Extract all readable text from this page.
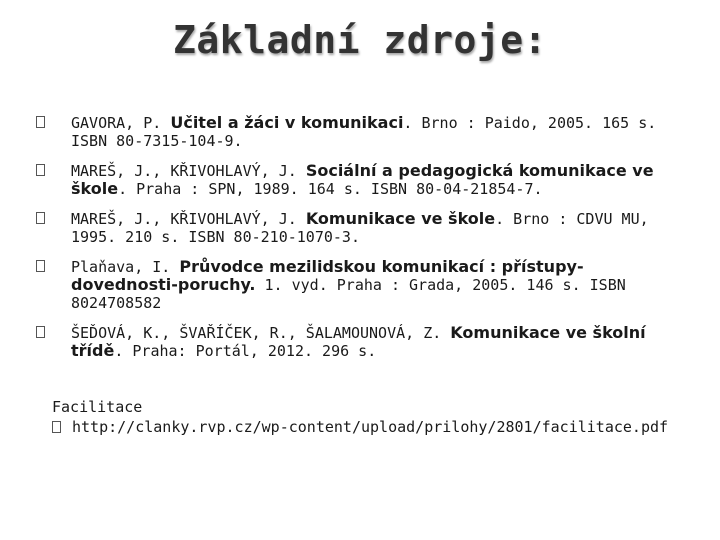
Základní zdroje:
GAVORA, P. Učitel a žáci v komunikaci. Brno : Paido, 2005. 165 s. ISBN 80-7315-104-9.
MAREŠ, J., KŘIVOHLAVÝ, J. Sociální a pedagogická komunikace ve škole. Praha : SPN, 1989. 164 s. ISBN 80-04-21854-7.
MAREŠ, J., KŘIVOHLAVÝ, J. Komunikace ve škole. Brno : CDVU MU, 1995. 210 s. ISBN 80-210-1070-3.
Plaňava, I. Průvodce mezilidskou komunikací : přístupy-dovednosti-poruchy. 1. vyd. Praha : Grada, 2005. 146 s. ISBN 8024708582
ŠEĎOVÁ, K., ŠVAŘÍČEK, R., ŠALAMOUNOVÁ, Z. Komunikace ve školní třídě. Praha: Portál, 2012. 296 s.
Facilitace
http://clanky.rvp.cz/wp-content/upload/prilohy/2801/facilitace.pdf
